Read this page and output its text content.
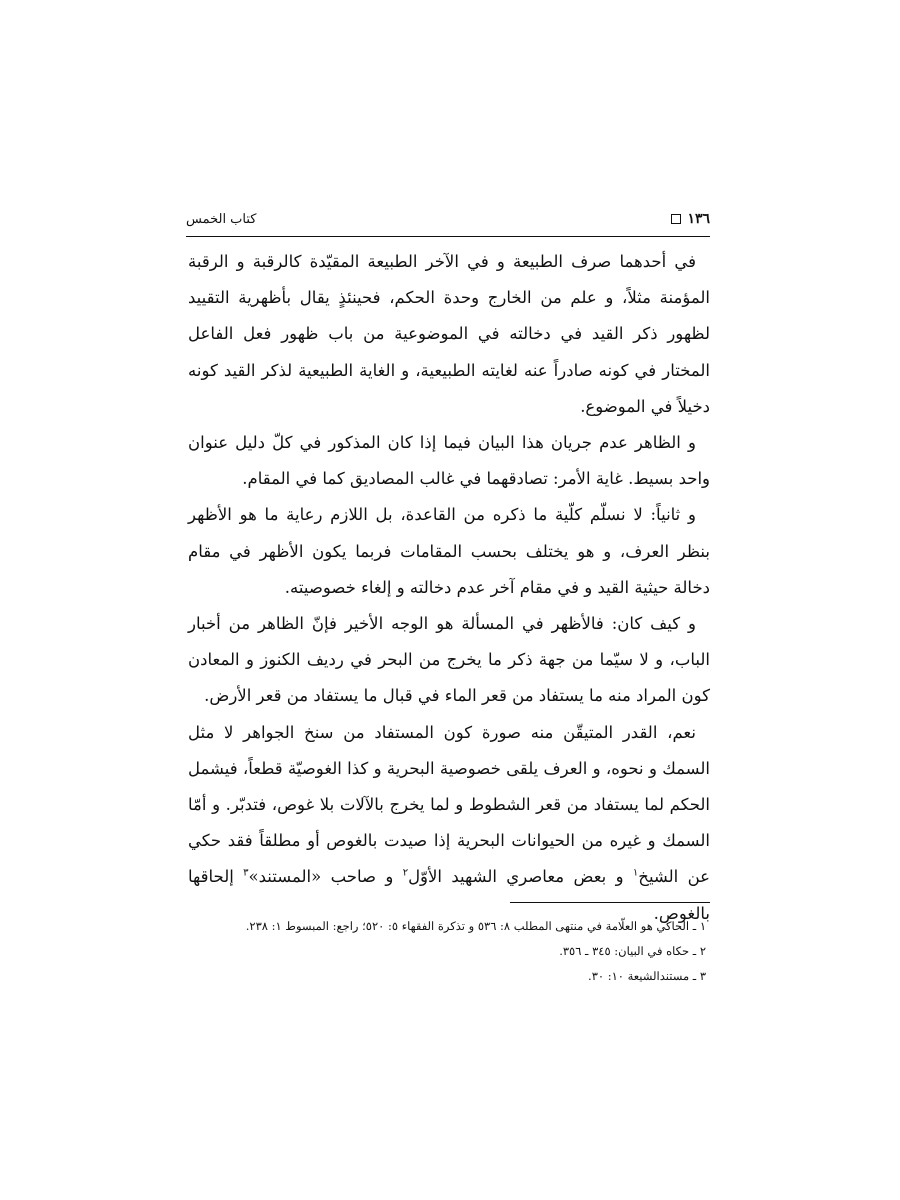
١٣٦
كتاب الخمس

في أحدهما صرف الطبيعة و في الآخر الطبيعة المقيّدة كالرقبة و الرقبة المؤمنة مثلاً، و علم من الخارج وحدة الحكم، فحينئذٍ يقال بأظهرية التقييد لظهور ذكر القيد في دخالته في الموضوعية من باب ظهور فعل الفاعل المختار في كونه صادراً عنه لغايته الطبيعية، و الغاية الطبيعية لذكر القيد كونه دخيلاً في الموضوع.

و الظاهر عدم جريان هذا البيان فيما إذا كان المذكور في كلّ دليل عنوان واحد بسيط. غاية الأمر: تصادقهما في غالب المصاديق كما في المقام.

و ثانياً: لا نسلّم كلّية ما ذكره من القاعدة، بل اللازم رعاية ما هو الأظهر بنظر العرف، و هو يختلف بحسب المقامات فربما يكون الأظهر في مقام دخالة حيثية القيد و في مقام آخر عدم دخالته و إلغاء خصوصيته.

و كيف كان: فالأظهر في المسألة هو الوجه الأخير فإنّ الظاهر من أخبار الباب، و لا سيّما من جهة ذكر ما يخرج من البحر في رديف الكنوز و المعادن كون المراد منه ما يستفاد من قعر الماء في قبال ما يستفاد من قعر الأرض.

نعم، القدر المتيقّن منه صورة كون المستفاد من سنخ الجواهر لا مثل السمك و نحوه، و العرف يلقى خصوصية البحرية و كذا الغوصيّة قطعاً، فيشمل الحكم لما يستفاد من قعر الشطوط و لما يخرج بالآلات بلا غوص، فتدبّر. و أمّا السمك و غيره من الحيوانات البحرية إذا صيدت بالغوص أو مطلقاً فقد حكي عن الشيخ$^١$ و بعض معاصري الشهيد الأوّل$^٢$ و صاحب «المستند»$^٣$ إلحاقها بالغوص.

١ ـ الحاكي هو العلّامة في منتهى المطلب ٨: ٥٣٦ و تذكرة الفقهاء ٥: ٥٢٠؛ راجع: المبسوط ١: ٢٣٨.

٢ ـ حكاه في البيان: ٣٤٥ ـ ٣٥٦.

٣ ـ مستندالشيعة ١٠: ٣٠.
